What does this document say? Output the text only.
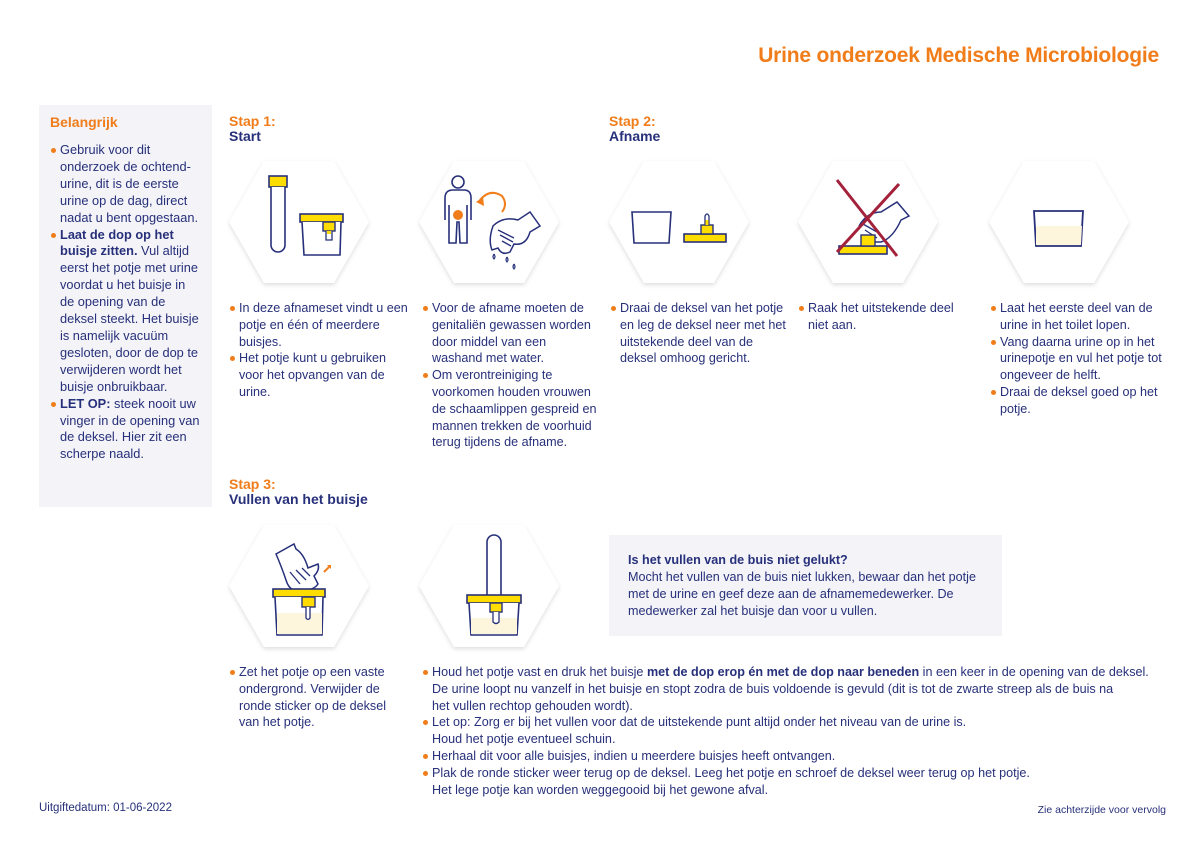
Urine onderzoek Medische Microbiologie
Belangrijk
Gebruik voor dit onderzoek de ochtend-urine, dit is de eerste urine op de dag, direct nadat u bent opgestaan.
Laat de dop op het buisje zitten. Vul altijd eerst het potje met urine voordat u het buisje in de opening van de deksel steekt. Het buisje is namelijk vacuüm gesloten, door de dop te verwijderen wordt het buisje onbruikbaar.
LET OP: steek nooit uw vinger in de opening van de deksel. Hier zit een scherpe naald.
Stap 1:
Start
Stap 2:
Afname
Stap 3:
Vullen van het buisje
In deze afnameset vindt u een potje en één of meerdere buisjes.
Het potje kunt u gebruiken voor het opvangen van de urine.
Voor de afname moeten de genitaliën gewassen worden door middel van een washand met water.
Om verontreiniging te voorkomen houden vrouwen de schaamlippen gespreid en mannen trekken de voorhuid terug tijdens de afname.
Draai de deksel van het potje en leg de deksel neer met het uitstekende deel van de deksel omhoog gericht.
Raak het uitstekende deel niet aan.
Laat het eerste deel van de urine in het toilet lopen.
Vang daarna urine op in het urinepotje en vul het potje tot ongeveer de helft.
Draai de deksel goed op het potje.
Is het vullen van de buis niet gelukt?
Mocht het vullen van de buis niet lukken, bewaar dan het potje met de urine en geef deze aan de afnamemedewerker. De medewerker zal het buisje dan voor u vullen.
Zet het potje op een vaste ondergrond. Verwijder de ronde sticker op de deksel van het potje.
Houd het potje vast en druk het buisje met de dop erop én met de dop naar beneden in een keer in de opening van de deksel.
De urine loopt nu vanzelf in het buisje en stopt zodra de buis voldoende is gevuld (dit is tot de zwarte streep als de buis na
het vullen rechtop gehouden wordt).
Let op: Zorg er bij het vullen voor dat de uitstekende punt altijd onder het niveau van de urine is.
Houd het potje eventueel schuin.
Herhaal dit voor alle buisjes, indien u meerdere buisjes heeft ontvangen.
Plak de ronde sticker weer terug op de deksel. Leeg het potje en schroef de deksel weer terug op het potje.
Het lege potje kan worden weggegooid bij het gewone afval.
Uitgiftedatum: 01-06-2022	Zie achterzijde voor vervolg
